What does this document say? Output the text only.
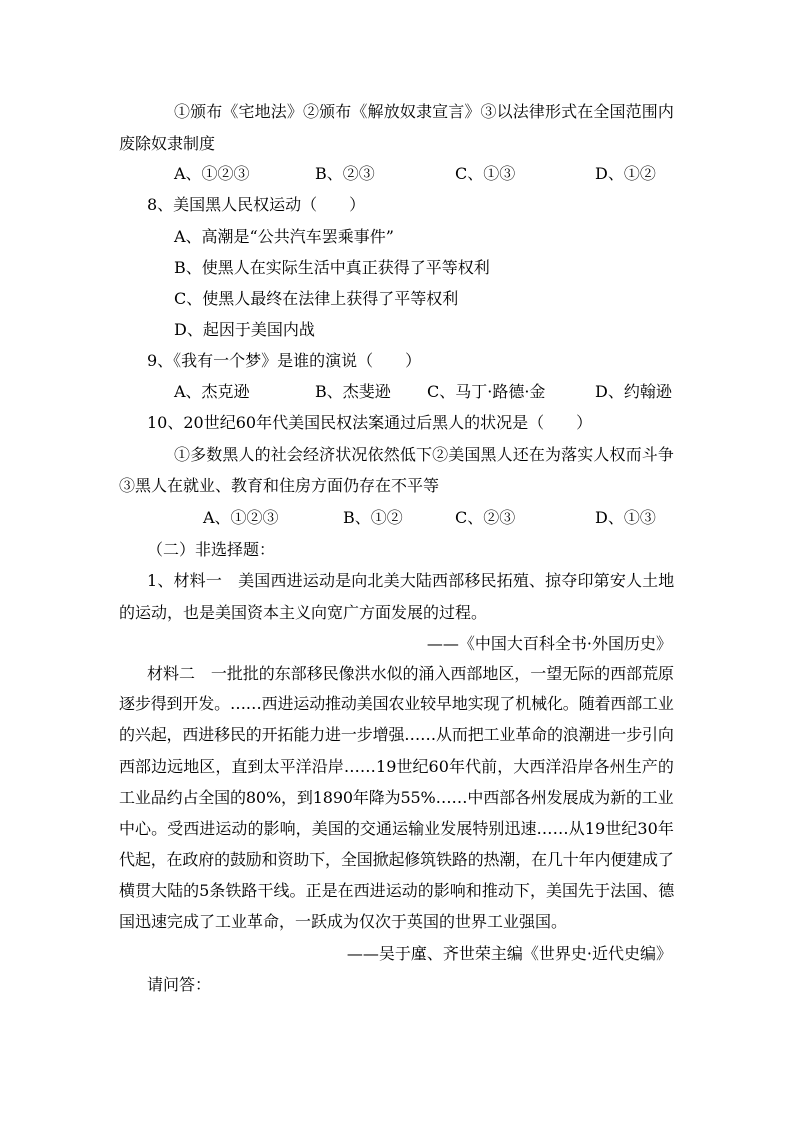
①颁布《宅地法》②颁布《解放奴隶宣言》③以法律形式在全国范围内
废除奴隶制度
A、①②③	B、②③	C、①③	D、①②
8、美国黑人民权运动（　　）
A、高潮是“公共汽车罢乘事件”
B、使黑人在实际生活中真正获得了平等权利
C、使黑人最终在法律上获得了平等权利
D、起因于美国内战
9、《我有一个梦》是谁的演说（　　）
A、杰克逊	B、杰斐逊 C、马丁·路德·金	D、约翰逊
10、20世纪60年代美国民权法案通过后黑人的状况是（　　）
①多数黑人的社会经济状况依然低下②美国黑人还在为落实人权而斗争
③黑人在就业、教育和住房方面仍存在不平等
A、①②③	B、①②	C、②③	D、①③
（二）非选择题：
1、材料一　美国西进运动是向北美大陆西部移民拓殖、掠夺印第安人土地
的运动，也是美国资本主义向宽广方面发展的过程。
——《中国大百科全书·外国历史》
材料二　一批批的东部移民像洪水似的涌入西部地区，一望无际的西部荒原
逐步得到开发。……西进运动推动美国农业较早地实现了机械化。随着西部工业
的兴起，西进移民的开拓能力进一步增强……从而把工业革命的浪潮进一步引向
西部边远地区，直到太平洋沿岸……19世纪60年代前，大西洋沿岸各州生产的
工业品约占全国的80%，到1890年降为55%……中西部各州发展成为新的工业
中心。受西进运动的影响，美国的交通运输业发展特别迅速……从19世纪30年
代起，在政府的鼓励和资助下，全国掀起修筑铁路的热潮，在几十年内便建成了
横贯大陆的5条铁路干线。正是在西进运动的影响和推动下，美国先于法国、德
国迅速完成了工业革命，一跃成为仅次于英国的世界工业强国。
——吴于廑、齐世荣主编《世界史·近代史编》
请问答：
